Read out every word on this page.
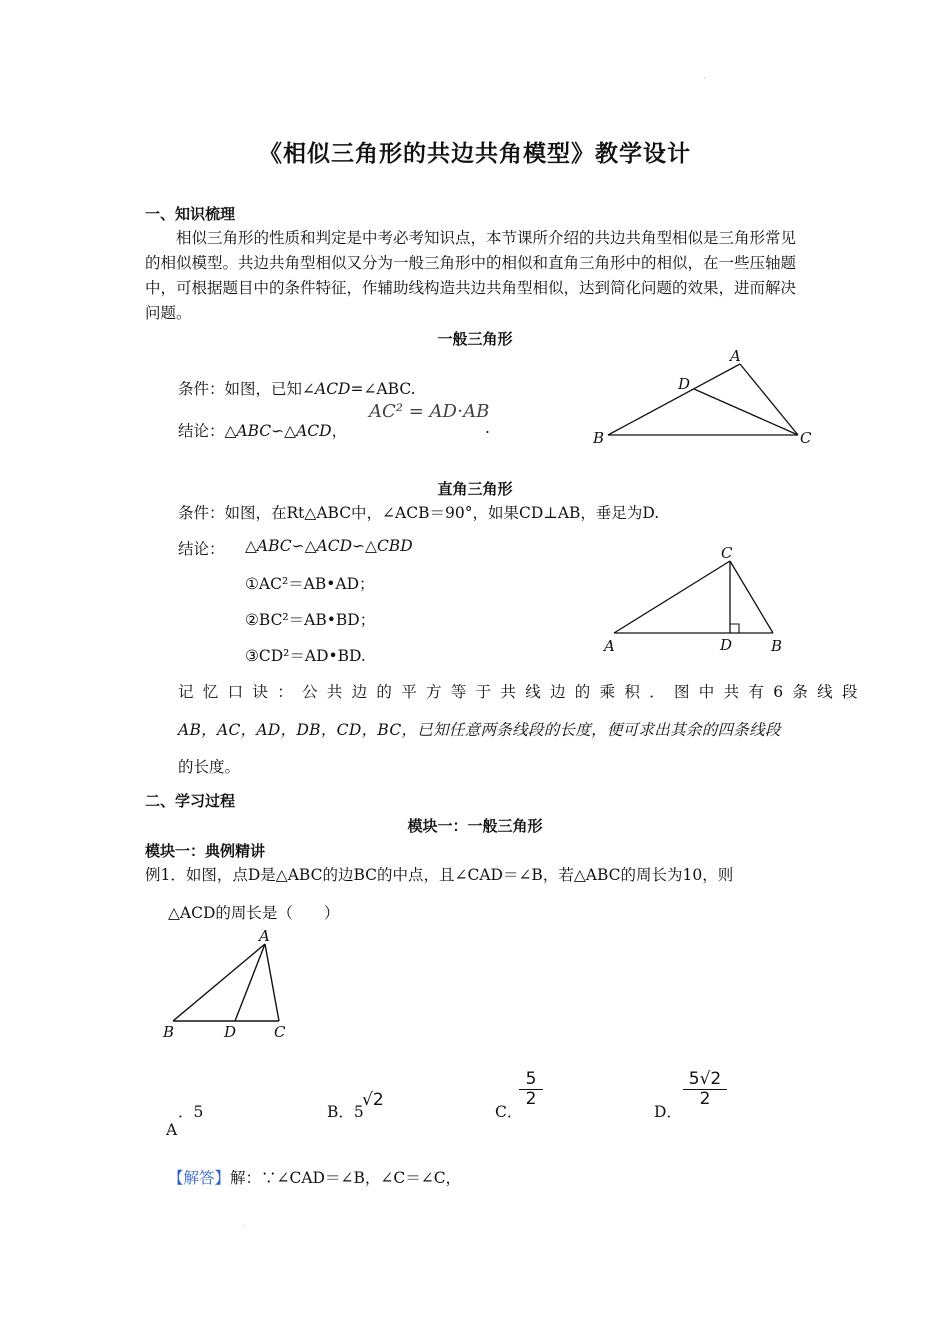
·
《相似三角形的共边共角模型》教学设计
一、知识梳理
相似三角形的性质和判定是中考必考知识点，本节课所介绍的共边共角型相似是三角形常见的相似模型。共边共角型相似又分为一般三角形中的相似和直角三角形中的相似，在一些压轴题中，可根据题目中的条件特征，作辅助线构造共边共角型相似，达到简化问题的效果，进而解决问题。
一般三角形
条件：如图，已知∠ACD=∠ABC.
结论：△ABC∽△ACD，
AC² = AD⋅AB
.
A
D
B	C
直角三角形
条件：如图，在Rt△ABC中，∠ACB＝90°，如果CD⊥AB，垂足为D.
结论： △ABC∽△ACD∽△CBD
①AC²＝AB•AD；
②BC²＝AB•BD；
③CD²＝AD•BD.
C
A	D	B
记忆口诀：公共边的平方等于共线边的乘积．图中共有6条线段
AB，AC，AD，DB，CD，BC，已知任意两条线段的长度，便可求出其余的四条线段
的长度。
二、学习过程
模块一：一般三角形
模块一：典例精讲
例1．如图，点D是△ABC的边BC的中点，且∠CAD＝∠B，若△ABC的周长为10，则
△ACD的周长是（　　）
A
B	D	C
．5
A
B．5
√2
C．
$\frac{5}{2}$
D．
$\frac{5√2}{2}$
【解答】解：∵∠CAD＝∠B，∠C＝∠C，
·
